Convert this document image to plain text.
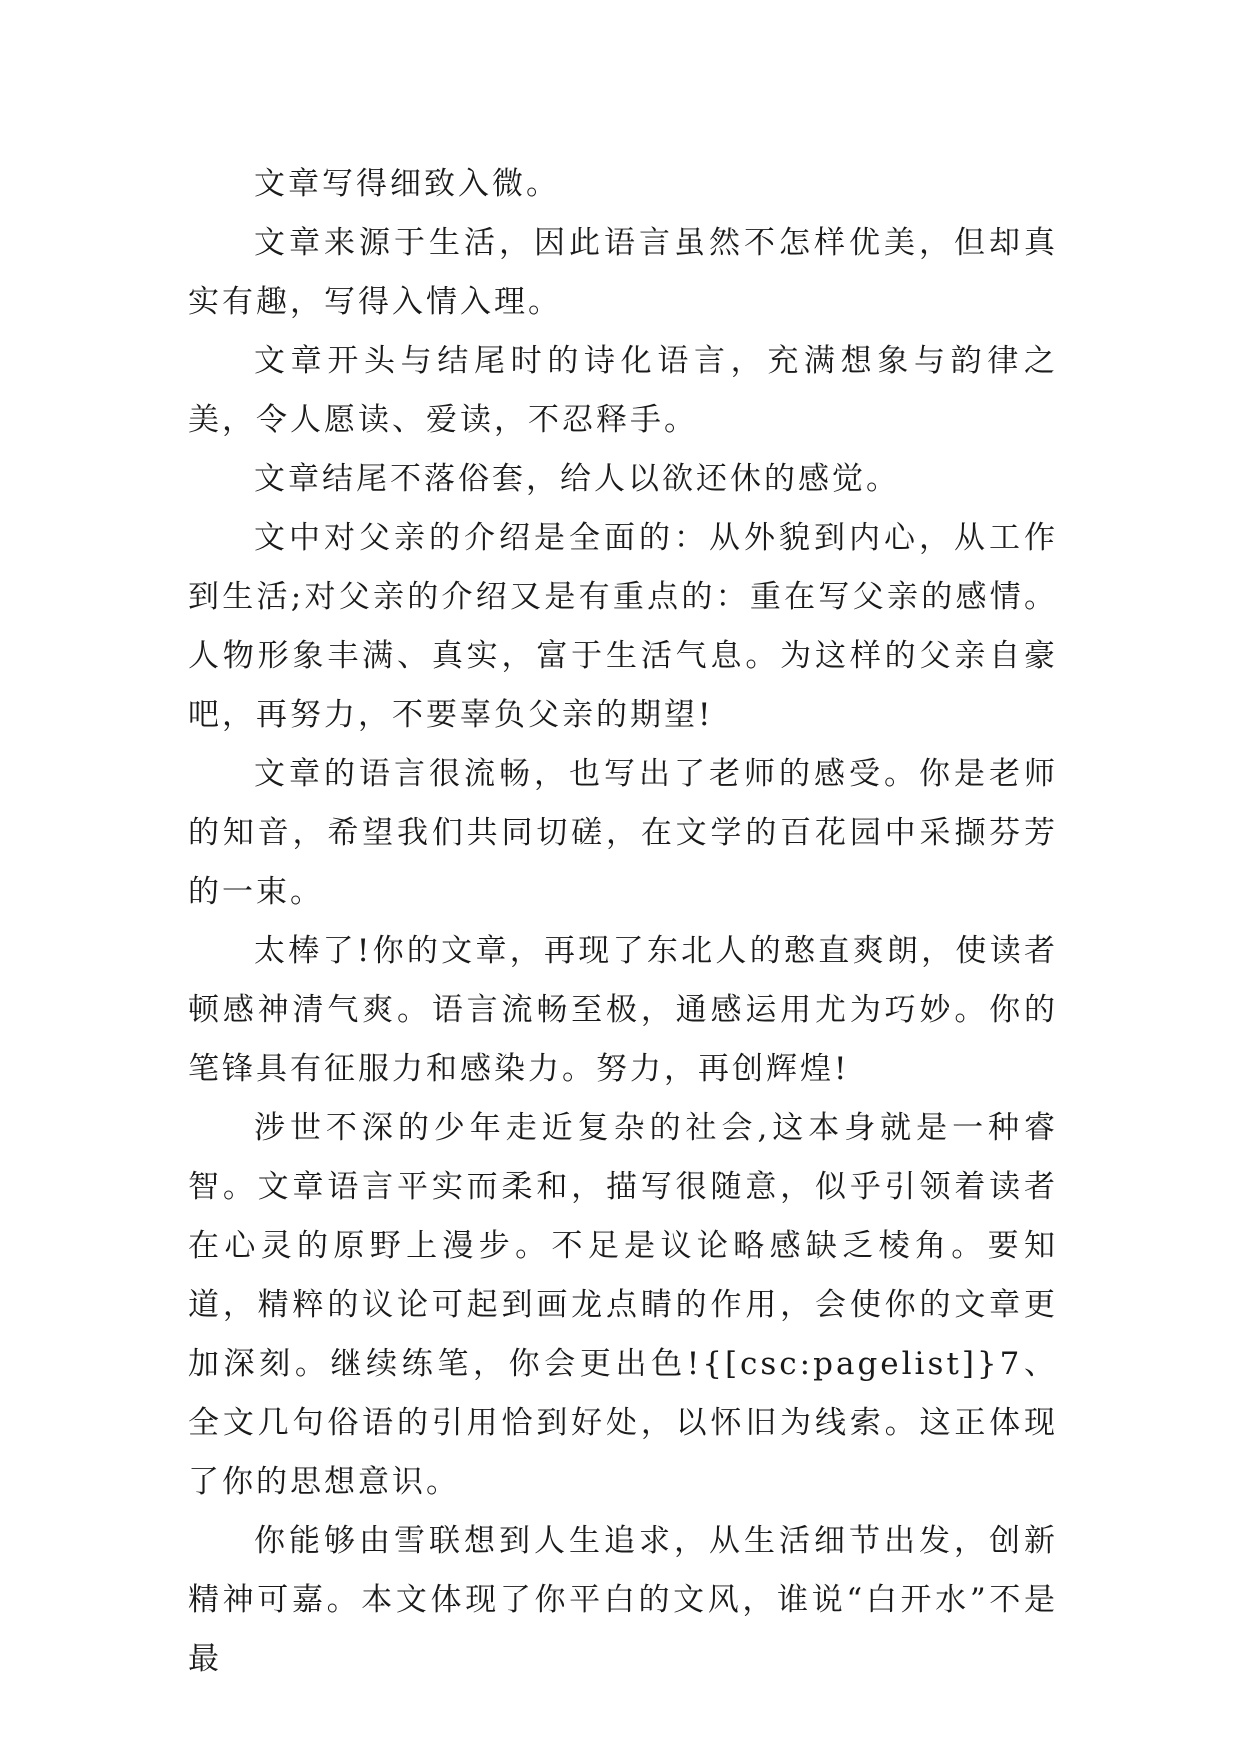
文章写得细致入微。

文章来源于生活，因此语言虽然不怎样优美，但却真实有趣，写得入情入理。

文章开头与结尾时的诗化语言，充满想象与韵律之美，令人愿读、爱读，不忍释手。

文章结尾不落俗套，给人以欲还休的感觉。

文中对父亲的介绍是全面的：从外貌到内心，从工作到生活;对父亲的介绍又是有重点的：重在写父亲的感情。人物形象丰满、真实，富于生活气息。为这样的父亲自豪吧，再努力，不要辜负父亲的期望!

文章的语言很流畅，也写出了老师的感受。你是老师的知音，希望我们共同切磋，在文学的百花园中采撷芬芳的一束。

太棒了!你的文章，再现了东北人的憨直爽朗，使读者顿感神清气爽。语言流畅至极，通感运用尤为巧妙。你的笔锋具有征服力和感染力。努力，再创辉煌!

涉世不深的少年走近复杂的社会,这本身就是一种睿智。文章语言平实而柔和，描写很随意，似乎引领着读者在心灵的原野上漫步。不足是议论略感缺乏棱角。要知道，精粹的议论可起到画龙点睛的作用，会使你的文章更加深刻。继续练笔，你会更出色!{[csc:pagelist]}7、全文几句俗语的引用恰到好处，以怀旧为线索。这正体现了你的思想意识。

你能够由雪联想到人生追求，从生活细节出发，创新精神可嘉。本文体现了你平白的文风，谁说“白开水”不是最
